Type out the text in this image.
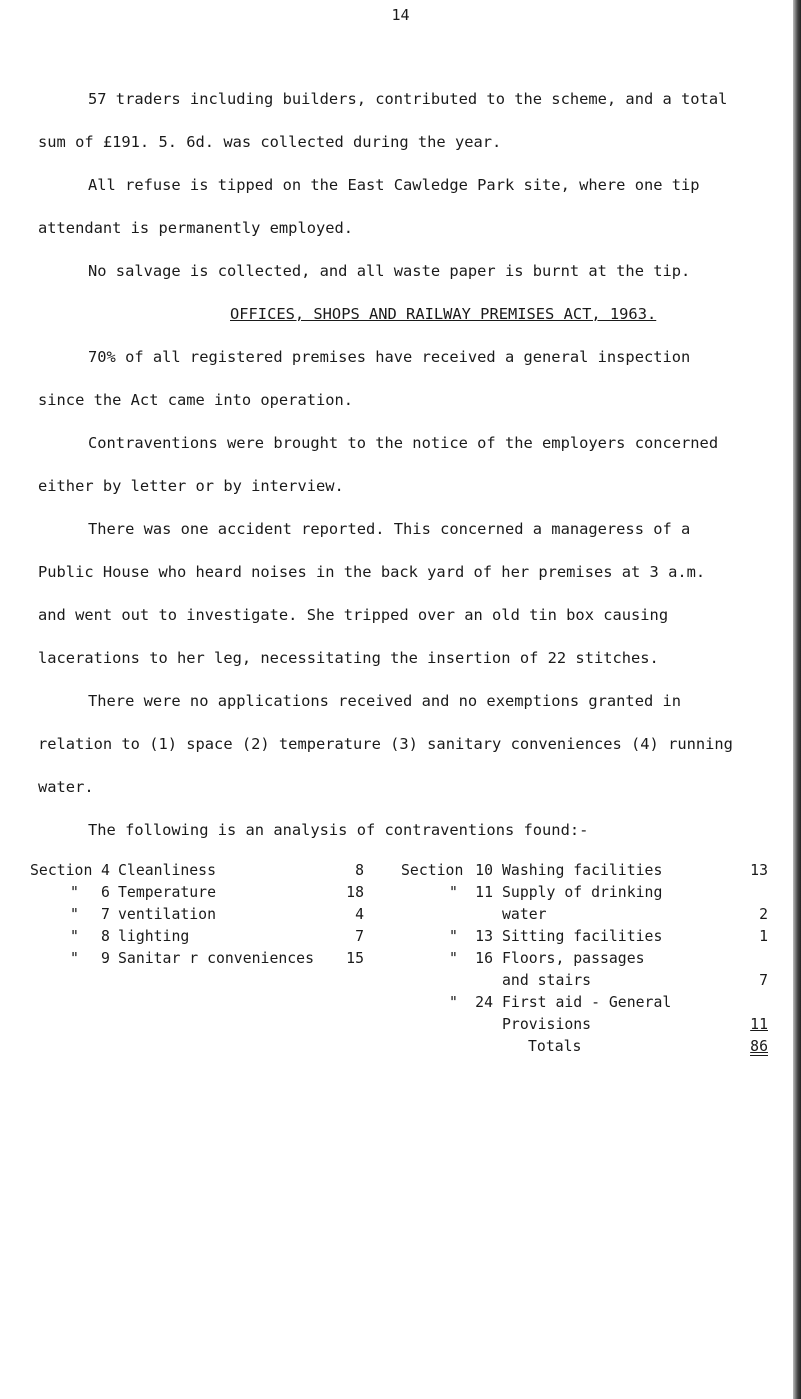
14
57 traders including builders, contributed to the scheme, and a total
sum of £191. 5. 6d. was collected during the year.
All refuse is tipped on the East Cawledge Park site, where one tip
attendant is permanently employed.
No salvage is collected, and all waste paper is burnt at the tip.
OFFICES, SHOPS AND RAILWAY PREMISES ACT, 1963.
70% of all registered premises have received a general inspection
since the Act came into operation.
Contraventions were brought to the notice of the employers concerned
either by letter or by interview.
There was one accident reported. This concerned a manageress of a
Public House who heard noises in the back yard of her premises at 3 a.m.
and went out to investigate. She tripped over an old tin box causing
lacerations to her leg, necessitating the insertion of 22 stitches.
There were no applications received and no exemptions granted in
relation to (1) space (2) temperature (3) sanitary conveniences (4) running
water.
The following is an analysis of contraventions found:-
Section 4 Cleanliness	8
" 6 Temperature	18
" 7 ventilation	4
" 8 lighting	7
" 9 Sanitar r conveniences	15
Section 10 Washing facilities	13
"	11 Supply of drinking
water	2
"	13 Sitting facilities	1
"	16 Floors, passages
and stairs	7
"	24 First aid - General
Provisions	11
Totals	86
